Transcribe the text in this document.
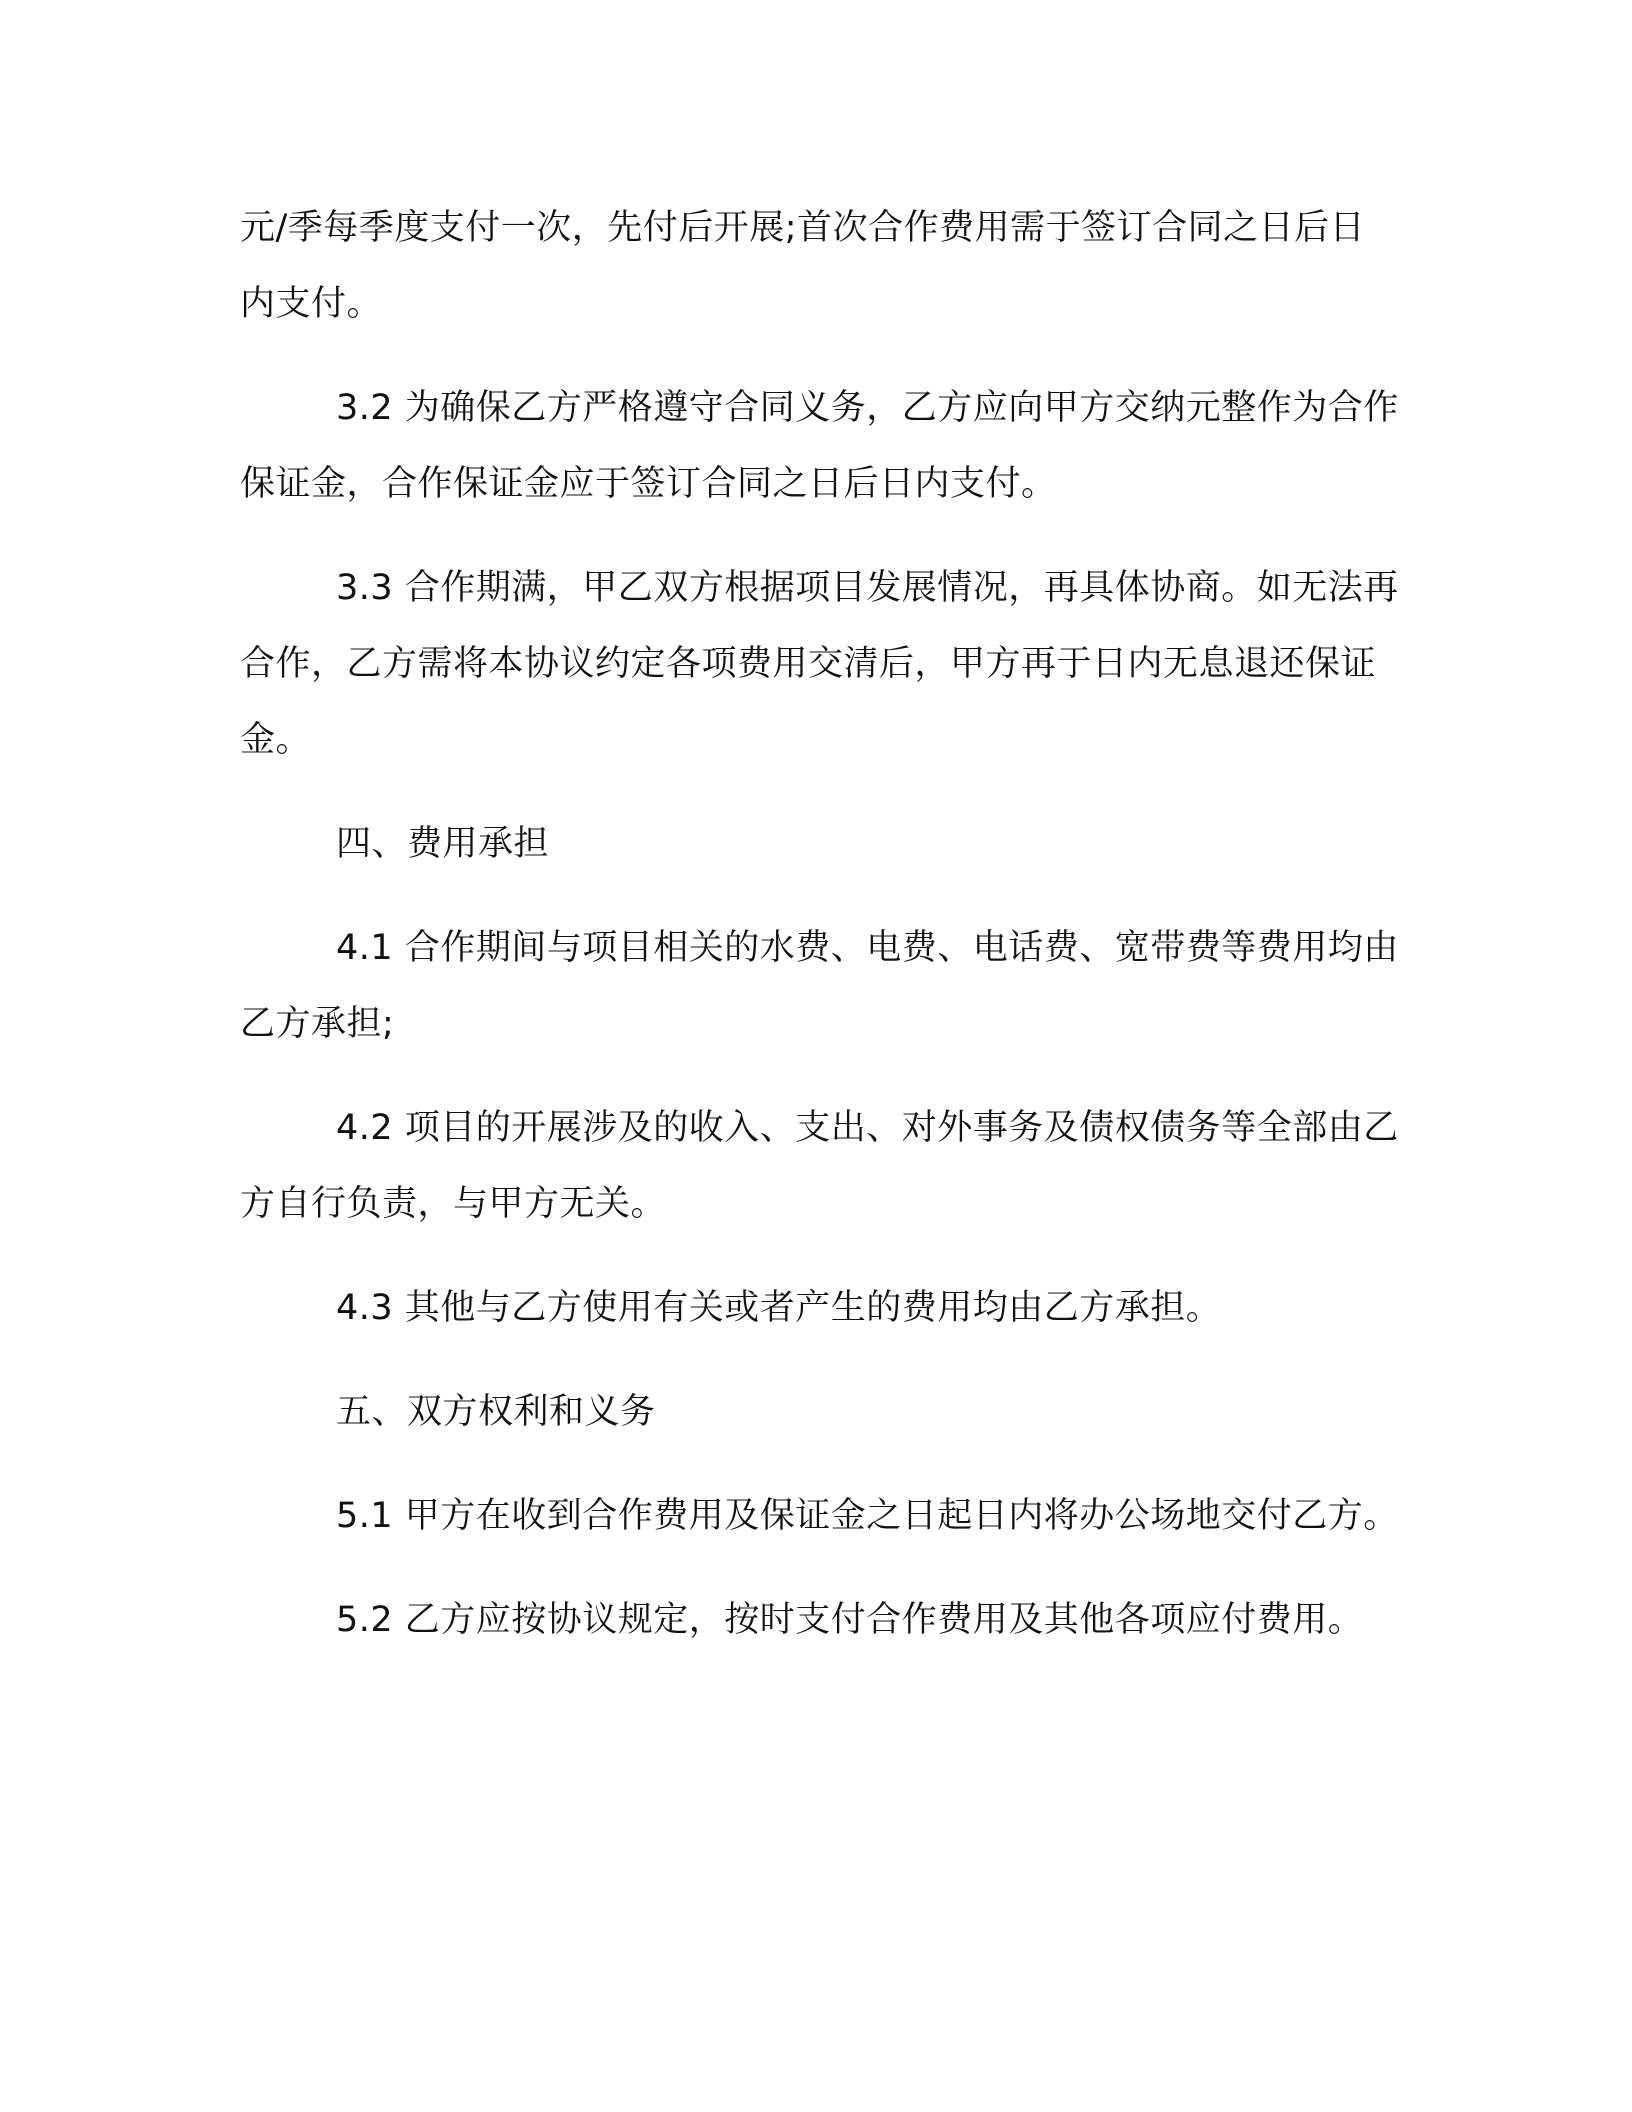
元/季每季度支付一次，先付后开展;首次合作费用需于签订合同之日后日内支付。

3.2 为确保乙方严格遵守合同义务，乙方应向甲方交纳元整作为合作保证金，合作保证金应于签订合同之日后日内支付。

3.3 合作期满，甲乙双方根据项目发展情况，再具体协商。如无法再合作，乙方需将本协议约定各项费用交清后，甲方再于日内无息退还保证金。

四、费用承担

4.1 合作期间与项目相关的水费、电费、电话费、宽带费等费用均由乙方承担;

4.2 项目的开展涉及的收入、支出、对外事务及债权债务等全部由乙方自行负责，与甲方无关。

4.3 其他与乙方使用有关或者产生的费用均由乙方承担。

五、双方权利和义务

5.1 甲方在收到合作费用及保证金之日起日内将办公场地交付乙方。

5.2 乙方应按协议规定，按时支付合作费用及其他各项应付费用。
